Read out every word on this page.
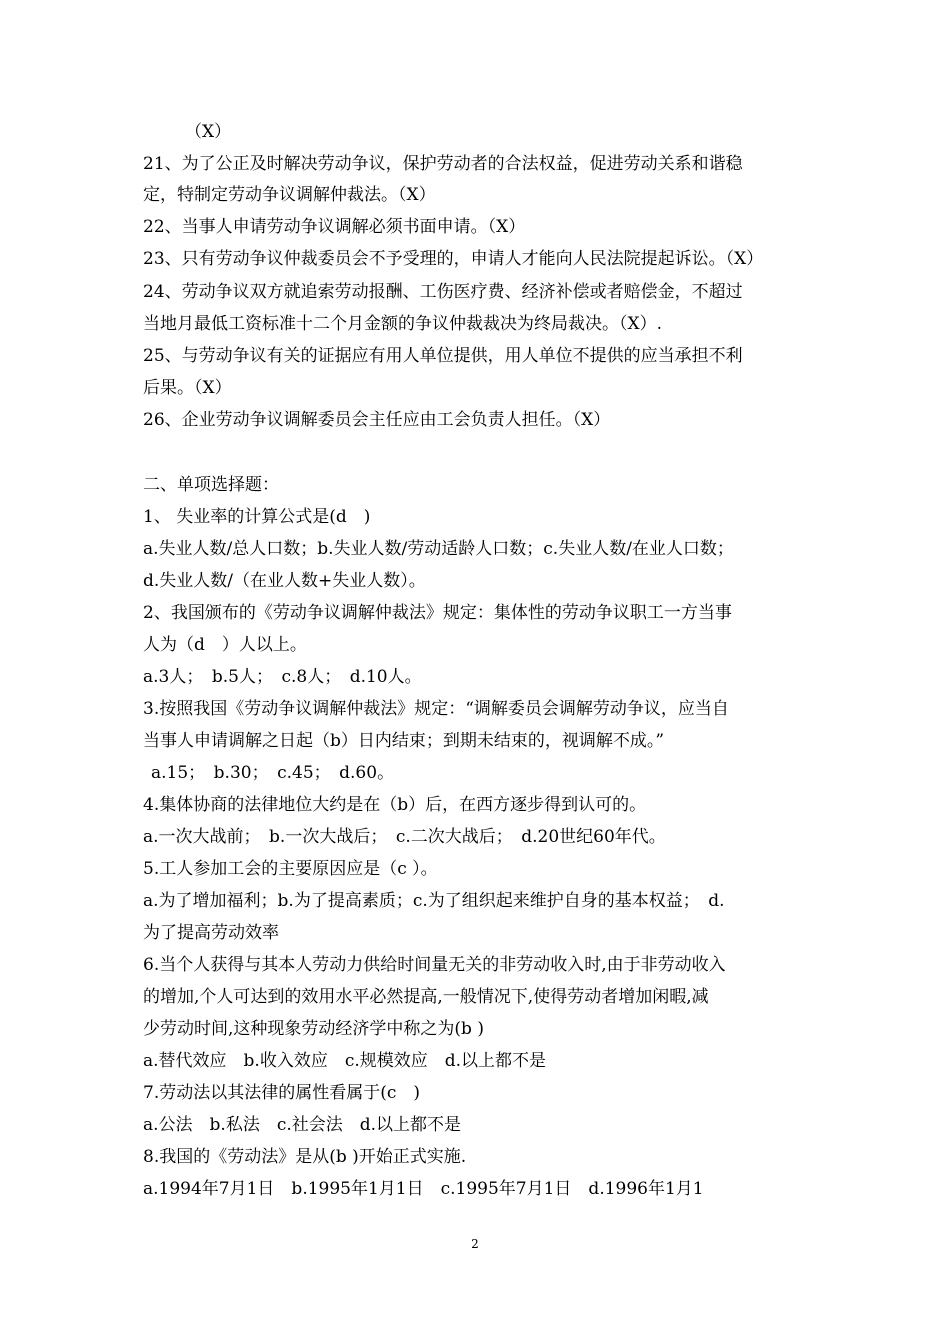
（X）
21、为了公正及时解决劳动争议，保护劳动者的合法权益，促进劳动关系和谐稳
定，特制定劳动争议调解仲裁法。（X）
22、当事人申请劳动争议调解必须书面申请。（X）
23、只有劳动争议仲裁委员会不予受理的，申请人才能向人民法院提起诉讼。（X）
24、劳动争议双方就追索劳动报酬、工伤医疗费、经济补偿或者赔偿金，不超过
当地月最低工资标准十二个月金额的争议仲裁裁决为终局裁决。（X）.
25、与劳动争议有关的证据应有用人单位提供，用人单位不提供的应当承担不利
后果。（X）
26、企业劳动争议调解委员会主任应由工会负责人担任。（X）
二、单项选择题：
1、 失业率的计算公式是(d　)
a.失业人数/总人口数；b.失业人数/劳动适龄人口数；c.失业人数/在业人口数；
d.失业人数/（在业人数+失业人数）。
2、我国颁布的《劳动争议调解仲裁法》规定：集体性的劳动争议职工一方当事
人为（d　）人以上。
a.3人；　b.5人；　c.8人；　d.10人。
3.按照我国《劳动争议调解仲裁法》规定：“调解委员会调解劳动争议，应当自
当事人申请调解之日起（b）日内结束；到期未结束的，视调解不成。”
a.15；　b.30；　c.45；　d.60。
4.集体协商的法律地位大约是在（b）后，在西方逐步得到认可的。
a.一次大战前；　b.一次大战后；　c.二次大战后；　d.20世纪60年代。
5.工人参加工会的主要原因应是（c ）。
a.为了增加福利；b.为了提高素质；c.为了组织起来维护自身的基本权益；　d.
为了提高劳动效率
6.当个人获得与其本人劳动力供给时间量无关的非劳动收入时,由于非劳动收入
的增加,个人可达到的效用水平必然提高,一般情况下,使得劳动者增加闲暇,减
少劳动时间,这种现象劳动经济学中称之为(b )
a.替代效应　b.收入效应　c.规模效应　d.以上都不是
7.劳动法以其法律的属性看属于(c　)
a.公法　b.私法　c.社会法　d.以上都不是
8.我国的《劳动法》是从(b )开始正式实施.
a.1994年7月1日　b.1995年1月1日　c.1995年7月1日　d.1996年1月1
2
